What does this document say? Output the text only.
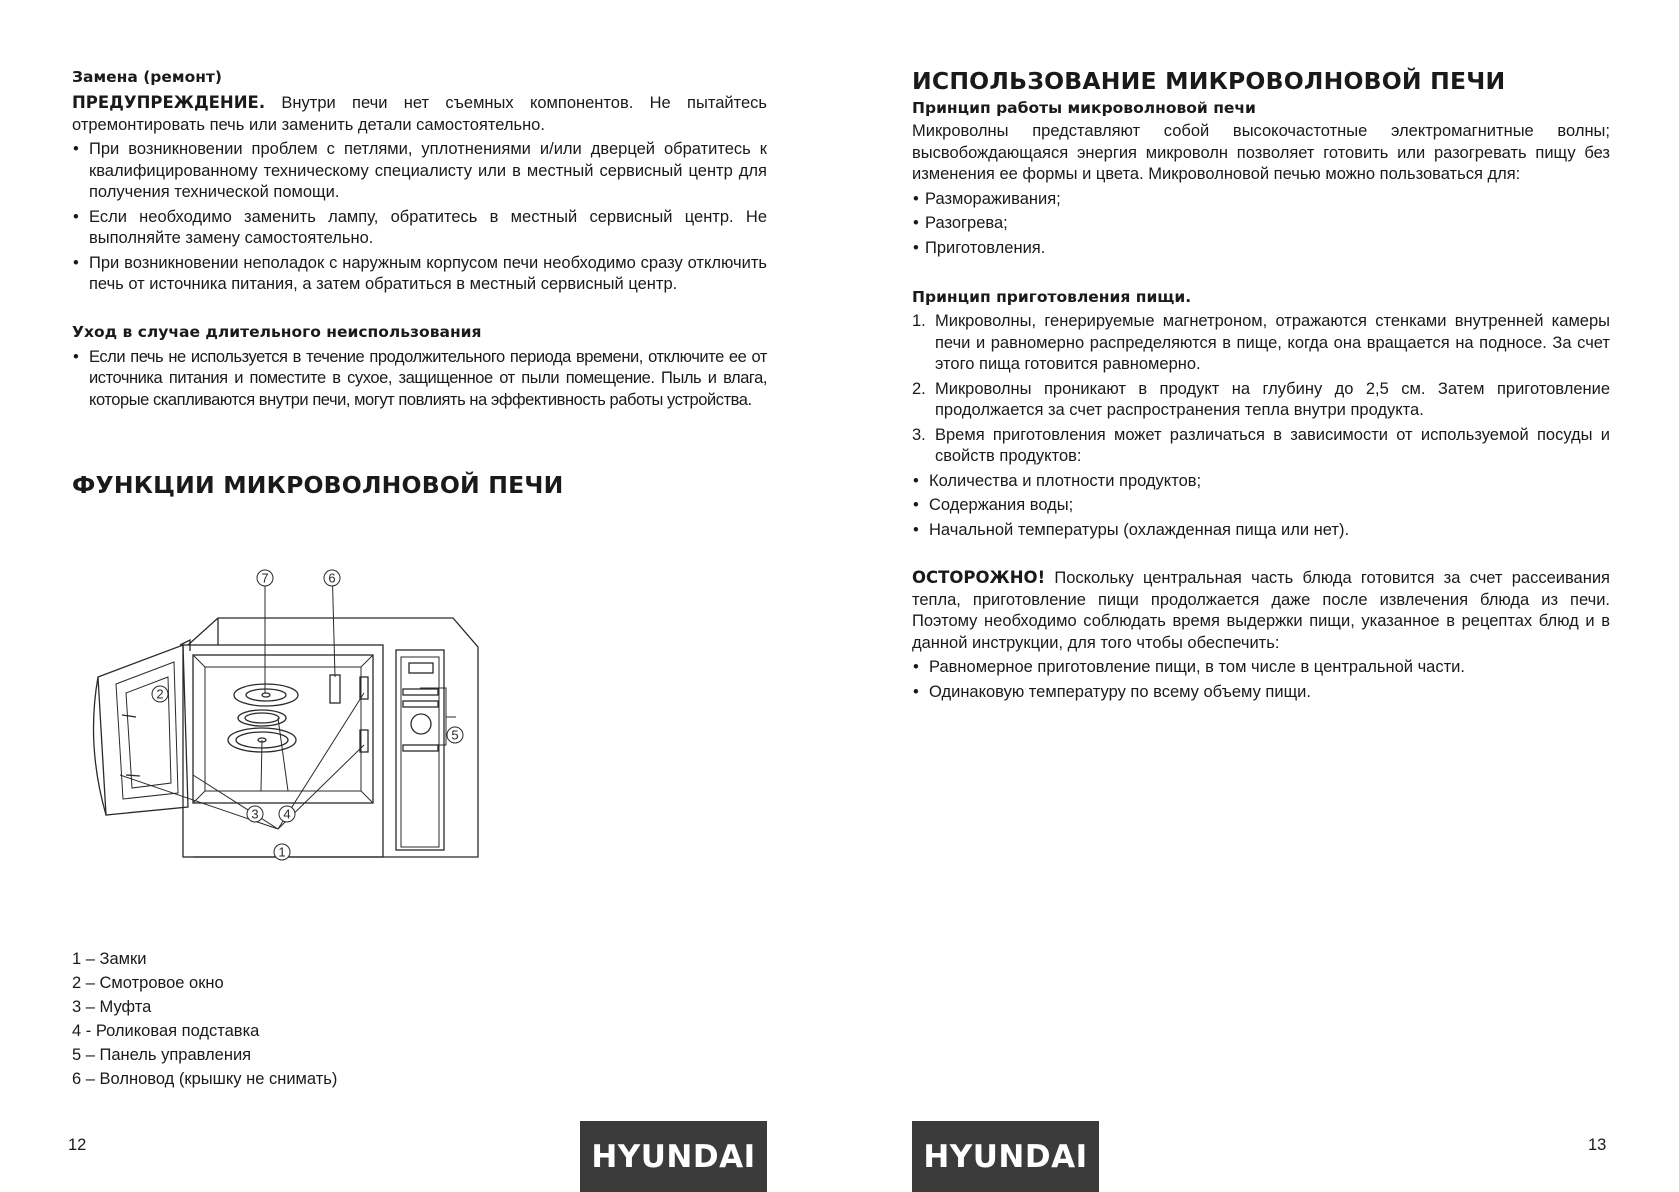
Замена (ремонт)

ПРЕДУПРЕЖДЕНИЕ. Внутри печи нет съемных компонентов. Не пытайтесь отремонтировать печь или заменить детали самостоятельно.

• При возникновении проблем с петлями, уплотнениями и/или дверцей обратитесь к квалифицированному техническому специалисту или в местный сервисный центр для получения технической помощи.
• Если необходимо заменить лампу, обратитесь в местный сервисный центр. Не выполняйте замену самостоятельно.
• При возникновении неполадок с наружным корпусом печи необходимо сразу отключить печь от источника питания, а затем обратиться в местный сервисный центр.
Уход в случае длительного неиспользования
• Если печь не используется в течение продолжительного периода времени, отключите ее от источника питания и поместите в сухое, защищенное от пыли помещение. Пыль и влага, которые скапливаются внутри печи, могут повлиять на эффективность работы устройства.
ФУНКЦИИ МИКРОВОЛНОВОЙ ПЕЧИ
7	6
2
5
3 4
1

1 – Замки

2 – Смотровое окно

3 – Муфта

4 - Роликовая подставка

5 – Панель управления

6 – Волновод (крышку не снимать)

12	HYUNDAI
ИСПОЛЬЗОВАНИЕ МИКРОВОЛНОВОЙ ПЕЧИ
Принцип работы микроволновой печи

Микроволны представляют собой высокочастотные электромагнитные волны; высвобождающаяся энергия микроволн позволяет готовить или разогревать пищу без изменения ее формы и цвета. Микроволновой печью можно пользоваться для:

• Размораживания;
• Разогрева;
• Приготовления.
Принцип приготовления пищи.
1. Микроволны, генерируемые магнетроном, отражаются стенками внутренней камеры печи и равномерно распределяются в пище, когда она вращается на подносе. За счет этого пища готовится равномерно.
2. Микроволны проникают в продукт на глубину до 2,5 см. Затем приготовление продолжается за счет распространения тепла внутри продукта.
3. Время приготовления может различаться в зависимости от используемой посуды и свойств продуктов:
• Количества и плотности продуктов;
• Содержания воды;
• Начальной температуры (охлажденная пища или нет).

ОСТОРОЖНО! Поскольку центральная часть блюда готовится за счет рассеивания тепла, приготовление пищи продолжается даже после извлечения блюда из печи. Поэтому необходимо соблюдать время выдержки пищи, указанное в рецептах блюд и в данной инструкции, для того чтобы обеспечить:

• Равномерное приготовление пищи, в том числе в центральной части.
• Одинаковую температуру по всему объему пищи.
HYUNDAI	13
